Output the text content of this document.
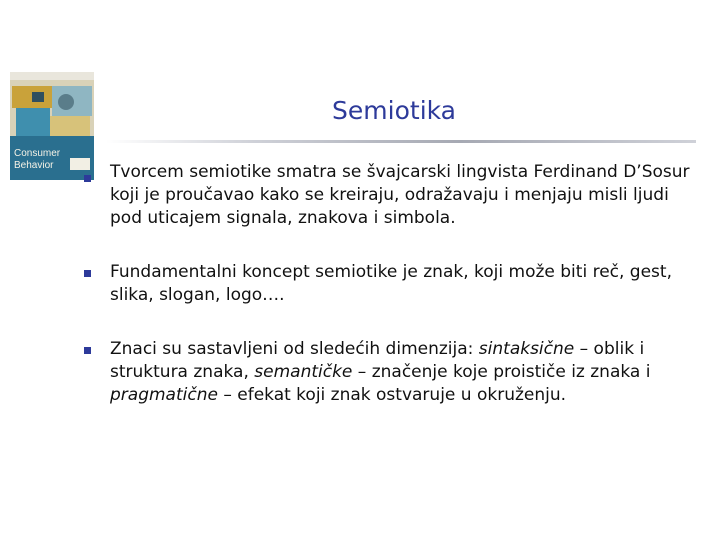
Consumer
Behavior
Semiotika

Tvorcem semiotike smatra se švajcarski lingvista Ferdinand D’Sosur koji je proučavao kako se kreiraju, odražavaju i menjaju misli ljudi pod uticajem signala, znakova i simbola.

Fundamentalni koncept semiotike je znak, koji može biti reč, gest, slika, slogan, logo….

Znaci su sastavljeni od sledećih dimenzija: sintaksične – oblik i struktura znaka, semantičke – značenje koje proističe iz znaka i pragmatične – efekat koji znak ostvaruje u okruženju.
